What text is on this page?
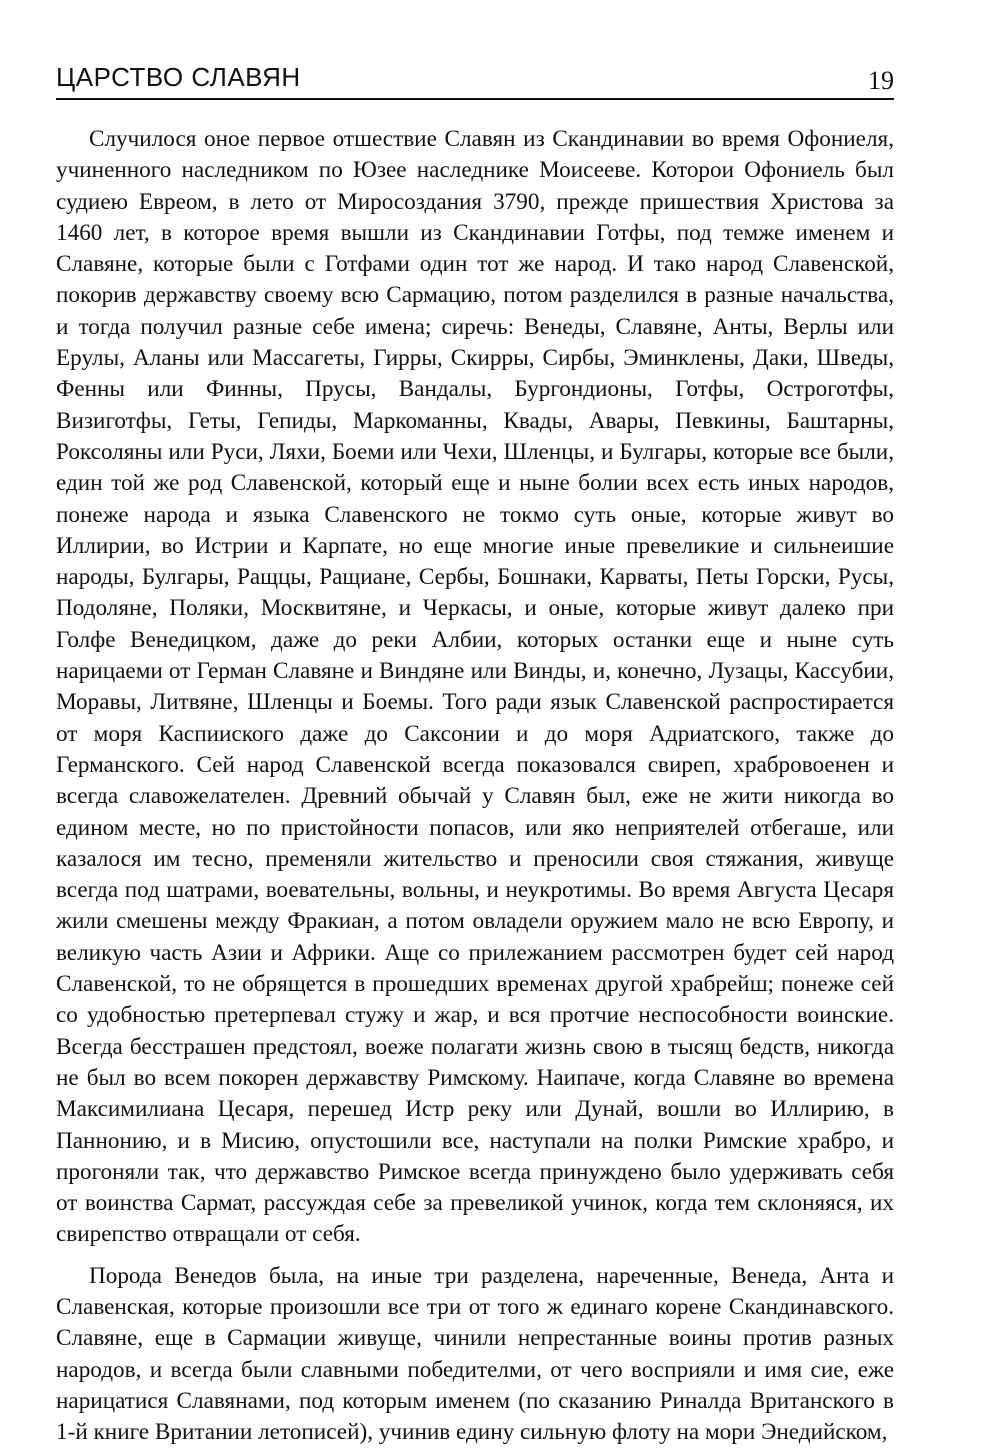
ЦАРСТВО СЛАВЯН	19

Случилося оное первое отшествие Славян из Скандинавии во время Офониеля, учиненного наследником по Юзее наследнике Моисееве. Которои Офониель был судиею Евреом, в лето от Миросоздания 3790, прежде пришествия Христова за 1460 лет, в которое время вышли из Скандинавии Готфы, под темже именем и Славяне, которые были с Готфами один тот же народ. И тако народ Славенской, покорив державству своему всю Сармацию, потом разделился в разные начальства, и тогда получил разные себе имена; сиречь: Венеды, Славяне, Анты, Верлы или Ерулы, Аланы или Массагеты, Гирры, Скирры, Сирбы, Эминклены, Даки, Шведы, Фенны или Финны, Прусы, Вандалы, Бургондионы, Готфы, Остроготфы, Визиготфы, Геты, Гепиды, Маркоманны, Квады, Авары, Певкины, Баштарны, Роксоляны или Руси, Ляхи, Боеми или Чехи, Шленцы, и Булгары, которые все были, един той же род Славенской, который еще и ныне болии всех есть иных народов, понеже народа и языка Славенского не токмо суть оные, которые живут во Иллирии, во Истрии и Карпате, но еще многие иные превеликие и сильнеишие народы, Булгары, Ращцы, Ращиане, Сербы, Бошнаки, Карваты, Петы Горски, Русы, Подоляне, Поляки, Москвитяне, и Черкасы, и оные, которые живут далеко при Голфе Венедицком, даже до реки Албии, которых останки еще и ныне суть нарицаеми от Герман Славяне и Виндяне или Винды, и, конечно, Лузацы, Кассубии, Моравы, Литвяне, Шленцы и Боемы. Того ради язык Славенской распростирается от моря Каспииского даже до Саксонии и до моря Адриатского, также до Германского. Сей народ Славенской всегда показовался свиреп, храбровоенен и всегда славожелателен. Древний обычай у Славян был, еже не жити никогда во едином месте, но по пристойности попасов, или яко неприятелей отбегаше, или казалося им тесно, пременяли жительство и преносили своя стяжания, живуще всегда под шатрами, воевательны, вольны, и неукротимы. Во время Августа Цесаря жили смешены между Фракиан, а потом овладели оружием мало не всю Европу, и великую часть Азии и Африки. Аще со прилежанием рассмотрен будет сей народ Славенской, то не обрящется в прошедших временах другой храбрейш; понеже сей со удобностью претерпевал стужу и жар, и вся протчие неспособности воинские. Всегда бесстрашен предстоял, воеже полагати жизнь свою в тысящ бедств, никогда не был во всем покорен державству Римскому. Наипаче, когда Славяне во времена Максимилиана Цесаря, перешед Истр реку или Дунай, вошли во Иллирию, в Паннонию, и в Мисию, опустошили все, наступали на полки Римские храбро, и прогоняли так, что державство Римское всегда принуждено было удерживать себя от воинства Сармат, рассуждая себе за превеликой учинок, когда тем склоняяся, их свирепство отвращали от себя.

Порода Венедов была, на иные три разделена, нареченные, Венеда, Анта и Славенская, которые произошли все три от того ж единаго корене Скандинавского. Славяне, еще в Сармации живуще, чинили непрестанные воины против разных народов, и всегда были славными победителми, от чего восприяли и имя сие, еже нарицатися Славянами, под которым именем (по сказанию Риналда Вританского в 1-й книге Вритании летописей), учинив едину сильную флоту на мори Энедийском,
